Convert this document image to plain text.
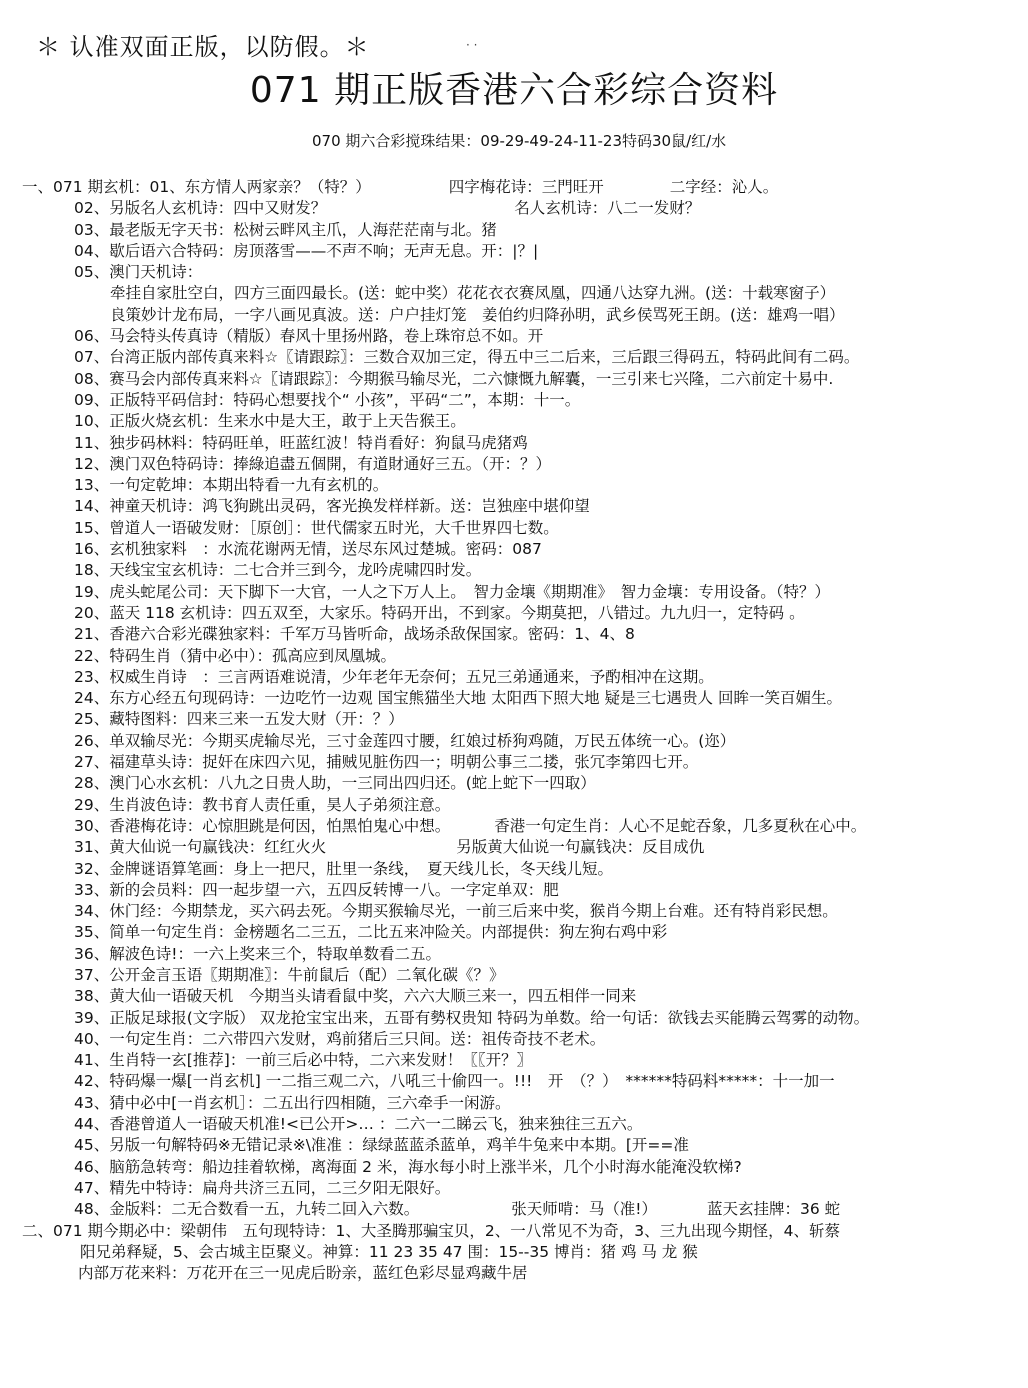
＊ 认准双面正版，以防假。＊	· ·
071 期正版香港六合彩综合资料
070 期六合彩搅珠结果：09-29-49-24-11-23特码30鼠/红/水
一、071 期玄机：01、东方情人两家亲？（特？）	四字梅花诗：三門旺开	二字经：沁人。
02、另版名人玄机诗：四中又财发？	名人玄机诗：八二一发财？
03、最老版无字天书：松树云畔风主爪，人海茫茫南与北。猪
04、歇后语六合特码：房顶落雪——不声不响；无声无息。开：|？|
05、澳门天机诗：
牵挂自家肚空白，四方三面四最长。(送：蛇中奖）花花衣衣赛凤凰，四通八达穿九洲。(送：十载寒窗子）
良策妙计龙布局，一字八画见真波。送：户户挂灯笼　姜伯约归降孙明，武乡侯骂死王朗。(送：雄鸡一唱）
06、马会特头传真诗（精版）春风十里扬州路，卷上珠帘总不如。开
07、台湾正版内部传真来料☆〖请跟踪〗：三数合双加三定，得五中三二后来，三后跟三得码五，特码此间有二码。
08、赛马会内部传真来料☆〖请跟踪〗：今期猴马输尽光，二六慷慨九解囊，一三引来七兴隆，二六前定十易中.
09、正版特平码信封：特码心想要找个“ 小孩”，平码“二”，本期：十一。
10、正版火烧玄机：生来水中是大王，敢于上天告猴王。
11、独步码林料：特码旺单，旺蓝红波！特肖看好：狗鼠马虎猪鸡
12、澳门双色特码诗：捧綠追盡五個開，有道財通好三五。（开：？）
13、一句定乾坤：本期出特看一九有玄机的。
14、神童天机诗：鸿飞狗跳出灵码，客光换发样样新。送：岂独座中堪仰望
15、曾道人一语破发财：［原创］：世代儒家五时光，大千世界四七数。
16、玄机独家料　：水流花谢两无情，送尽东风过楚城。密码：087
18、天线宝宝玄机诗：二七合并三到今，龙吟虎啸四时发。
19、虎头蛇尾公司：天下脚下一大官，一人之下万人上。　智力金壤《期期准》　智力金壤：专用设备。（特？）
20、蓝天 118 玄机诗：四五双至，大家乐。特码开出，不到家。今期莫把，八错过。九九归一，定特码 。
21、香港六合彩光碟独家料：千军万马皆听命，战场杀敌保国家。密码：1、4、8
22、特码生肖（猜中必中）：孤高应到凤凰城。
23、权威生肖诗　：三言两语难说清，少年老年无奈何；五兄三弟通通来，予酌相冲在这期。
24、东方心经五句现码诗：一边吃竹一边观 国宝熊猫坐大地 太阳西下照大地 疑是三七遇贵人 回眸一笑百媚生。
25、藏特图料：四来三来一五发大财（开：？）
26、单双输尽光：今期买虎输尽光，三寸金莲四寸腰，红娘过桥狗鸡随，万民五体统一心。(迩）
27、福建草头诗：捉奸在床四六见，捕贼见脏伤四一；明朝公事三二搂，张冗李第四七开。
28、澳门心水玄机：八九之日贵人助，一三同出四归还。(蛇上蛇下一四取）
29、生肖波色诗：教书育人责任重，昊人子弟须注意。
30、香港梅花诗：心惊胆跳是何因，怕黑怕鬼心中想。	香港一句定生肖：人心不足蛇吞象，几多夏秋在心中。
31、黄大仙说一句赢钱决：红红火火	另版黄大仙说一句赢钱决：反目成仇
32、金牌谜语算笔画：身上一把尺，肚里一条线，　夏天线儿长，冬天线儿短。
33、新的会员料：四一起步望一六，五四反转博一八。一字定单双：肥
34、休门经：今期禁龙，买六码去死。今期买猴输尽光，一前三后来中奖，猴肖今期上台难。还有特肖彩民想。
35、简单一句定生肖：金榜题名二三五，二比五来冲险关。内部提供：狗左狗右鸡中彩
36、解波色诗!：一六上奖来三个，特取单数看二五。
37、公开金言玉语〖期期准〗：牛前鼠后（配）二氧化碳《？》
38、黄大仙一语破天机　今期当头请看鼠中奖，六六大顺三来一，四五相伴一同来
39、正版足球报(文字版） 双龙抢宝宝出来，五哥有勢权贵知 特码为单数。给一句话：欲钱去买能腾云驾雾的动物。
40、一句定生肖：二六带四六发财，鸡前猪后三只间。送：祖传奇技不老术。
41、生肖特一玄[推荐]：一前三后必中特，二六来发财！〖〖开？〗
42、特码爆一爆[一肖玄机] 一二指三观二六，八吼三十偷四一。!!!　开　（？）　******特码料*****：十一加一
43、猜中必中[一肖玄机］：二五出行四相随，三六牵手一闲游。
44、香港曾道人一语破天机准!<已公开>… ：二六一二睇云飞，独来独往三五六。
45、另版一句解特码※无错记录※\准准 ：绿绿蓝蓝杀蓝单，鸡羊牛兔来中本期。[开==准
46、脑筋急转弯：船边挂着软梯，离海面 2 米，海水每小时上涨半米，几个小时海水能淹没软梯?
47、精先中特诗：扁舟共济三五同，二三夕阳无限好。
48、金版料：二无合数看一五，九转二回入六数。	张天师啃：马（准!）	蓝天玄挂牌：36 蛇
二、071 期今期必中：梁朝伟　五句现特诗：1、大圣腾那骗宝贝，2、一八常见不为奇，3、三九出现今期怪，4、斩蔡
阳兄弟释疑，5、会古城主臣聚义。神算：11 23 35 47 围：15--35 博肖：猪 鸡 马 龙 猴
内部万花来料：万花开在三一见虎后盼亲，蓝红色彩尽显鸡藏牛居
